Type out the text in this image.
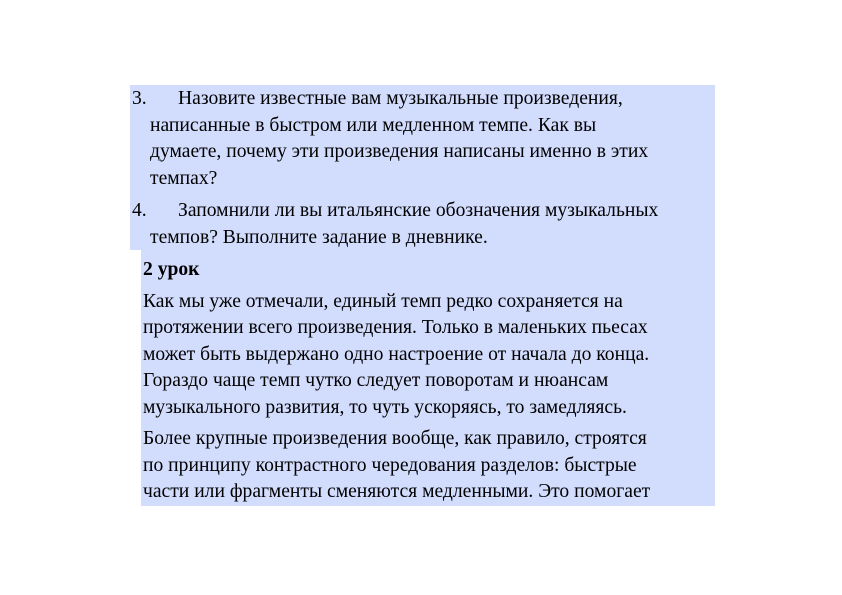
3. Назовите известные вам музыкальные произведения,
написанные в быстром или медленном темпе. Как вы
думаете, почему эти произведения написаны именно в этих
темпах?
4. Запомнили ли вы итальянские обозначения музыкальных
темпов? Выполните задание в дневнике.
2 урок
Как мы уже отмечали, единый темп редко сохраняется на
протяжении всего произведения. Только в маленьких пьесах
может быть выдержано одно настроение от начала до конца.
Гораздо чаще темп чутко следует поворотам и нюансам
музыкального развития, то чуть ускоряясь, то замедляясь.
Более крупные произведения вообще, как правило, строятся
по принципу контрастного чередования разделов: быстрые
части или фрагменты сменяются медленными. Это помогает
